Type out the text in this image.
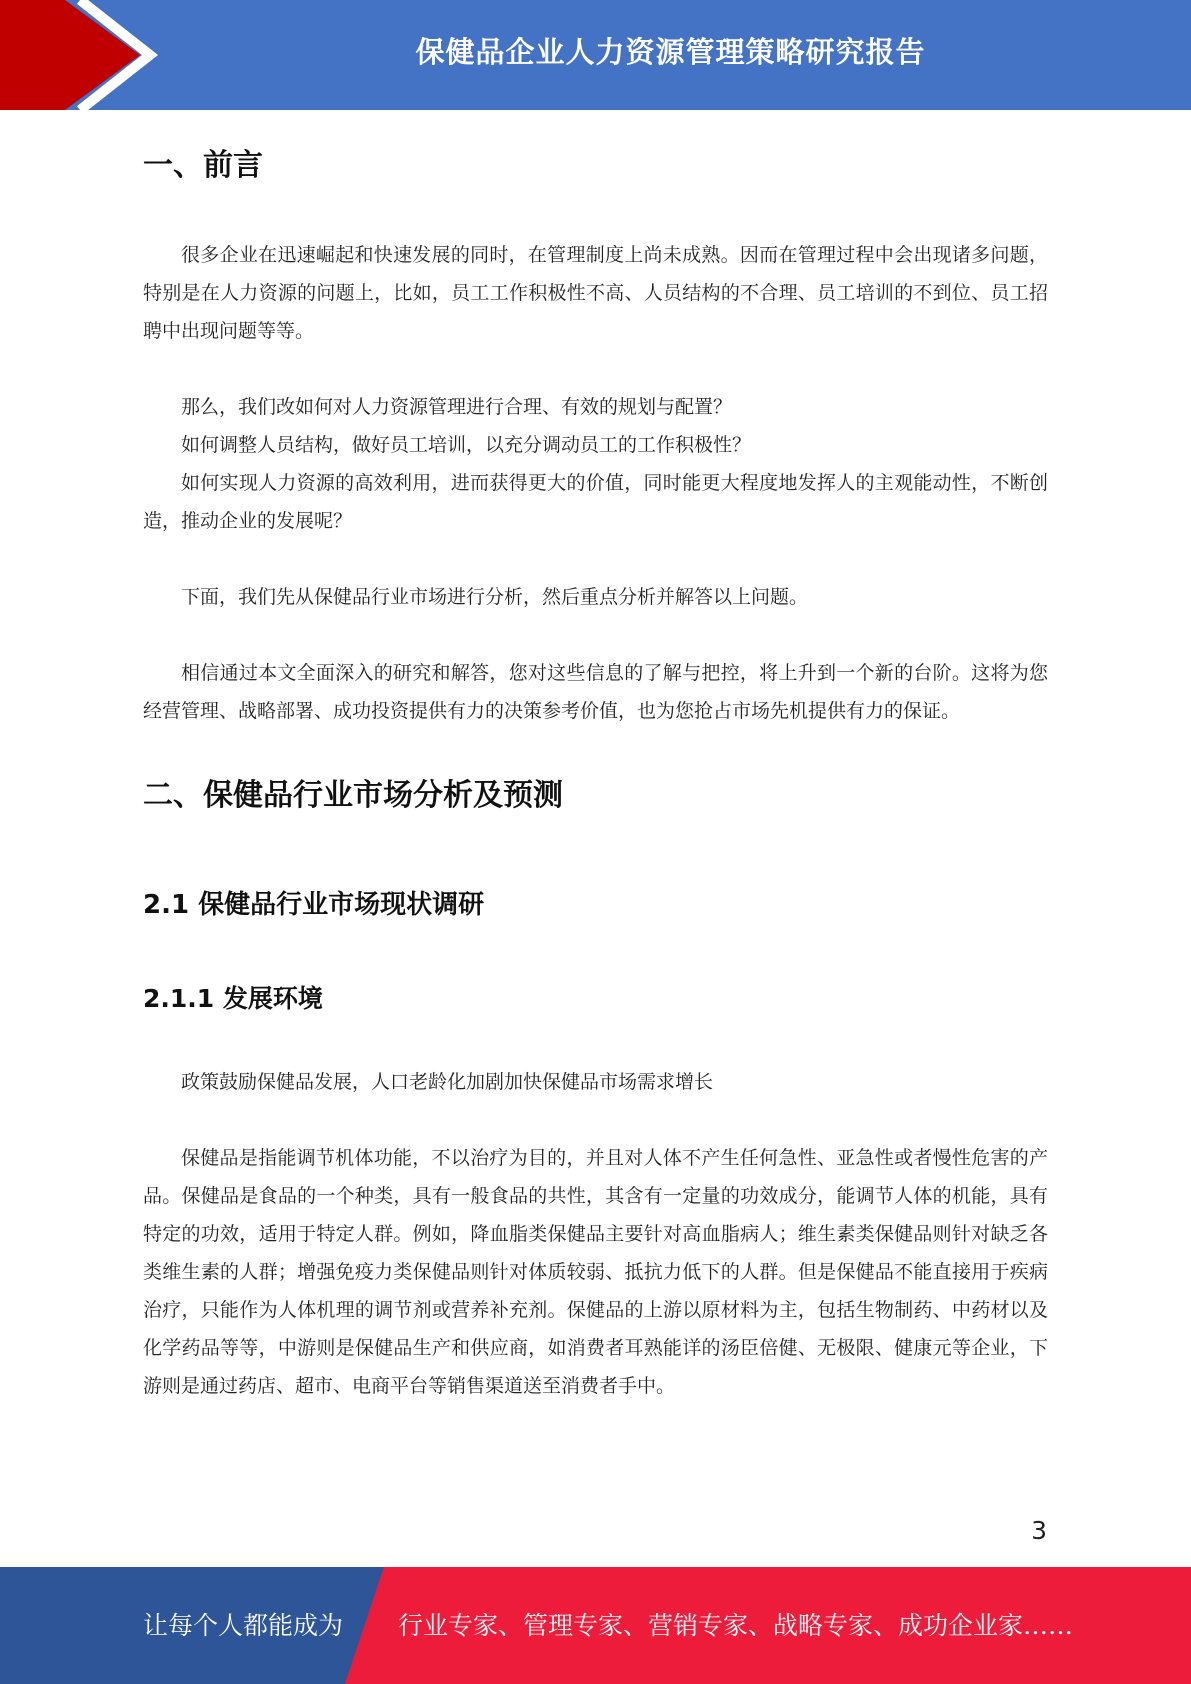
保健品企业人力资源管理策略研究报告
一、前言

很多企业在迅速崛起和快速发展的同时，在管理制度上尚未成熟。因而在管理过程中会出现诸多问题，特别是在人力资源的问题上，比如，员工工作积极性不高、人员结构的不合理、员工培训的不到位、员工招聘中出现问题等等。

那么，我们改如何对人力资源管理进行合理、有效的规划与配置？

如何调整人员结构，做好员工培训，以充分调动员工的工作积极性？

如何实现人力资源的高效利用，进而获得更大的价值，同时能更大程度地发挥人的主观能动性，不断创造，推动企业的发展呢？

下面，我们先从保健品行业市场进行分析，然后重点分析并解答以上问题。

相信通过本文全面深入的研究和解答，您对这些信息的了解与把控，将上升到一个新的台阶。这将为您经营管理、战略部署、成功投资提供有力的决策参考价值，也为您抢占市场先机提供有力的保证。

二、保健品行业市场分析及预测
2.1 保健品行业市场现状调研
2.1.1 发展环境

政策鼓励保健品发展，人口老龄化加剧加快保健品市场需求增长

保健品是指能调节机体功能，不以治疗为目的，并且对人体不产生任何急性、亚急性或者慢性危害的产品。保健品是食品的一个种类，具有一般食品的共性，其含有一定量的功效成分，能调节人体的机能，具有特定的功效，适用于特定人群。例如，降血脂类保健品主要针对高血脂病人；维生素类保健品则针对缺乏各类维生素的人群；增强免疫力类保健品则针对体质较弱、抵抗力低下的人群。但是保健品不能直接用于疾病治疗，只能作为人体机理的调节剂或营养补充剂。保健品的上游以原材料为主，包括生物制药、中药材以及化学药品等等，中游则是保健品生产和供应商，如消费者耳熟能详的汤臣倍健、无极限、健康元等企业，下游则是通过药店、超市、电商平台等销售渠道送至消费者手中。

3
让每个人都能成为 行业专家、管理专家、营销专家、战略专家、成功企业家……
